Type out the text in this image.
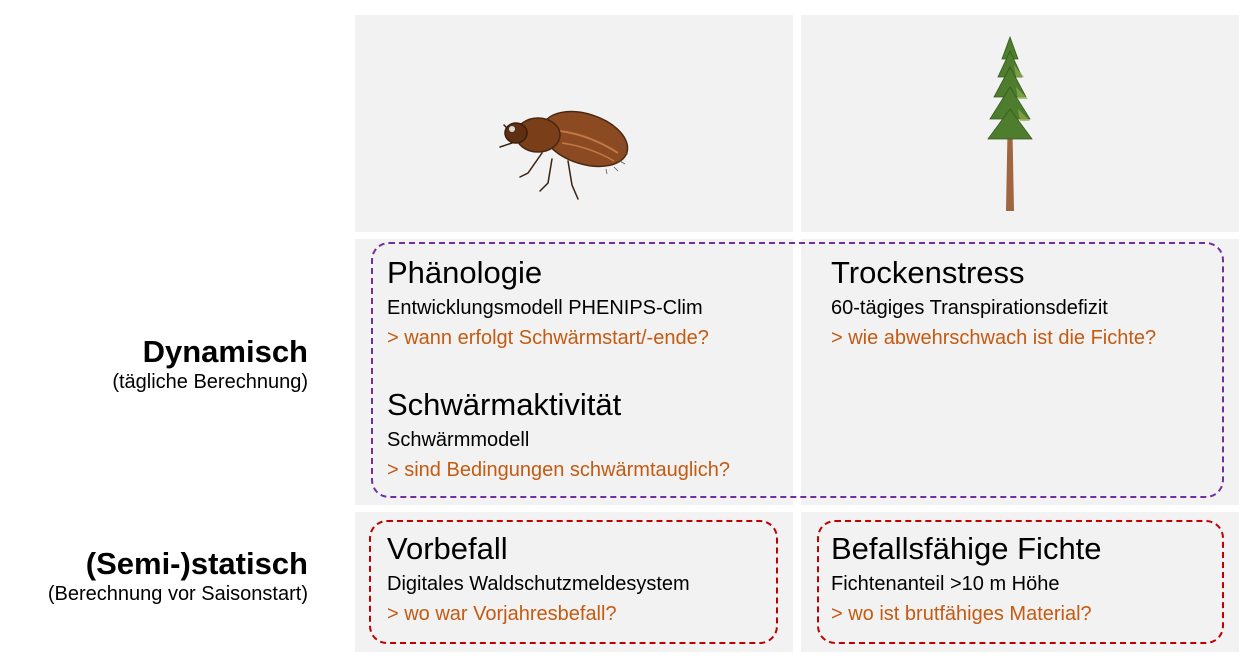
Dynamisch
(tägliche Berechnung)
(Semi-)statisch
(Berechnung vor Saisonstart)
Phänologie
Entwicklungsmodell PHENIPS-Clim
> wann erfolgt Schwärmstart/-ende?
Schwärmaktivität
Schwärmmodell
> sind Bedingungen schwärmtauglich?
Trockenstress
60-tägiges Transpirationsdefizit
> wie abwehrschwach ist die Fichte?
Vorbefall
Digitales Waldschutzmeldesystem
> wo war Vorjahresbefall?
Befallsfähige Fichte
Fichtenanteil >10 m Höhe
> wo ist brutfähiges Material?
